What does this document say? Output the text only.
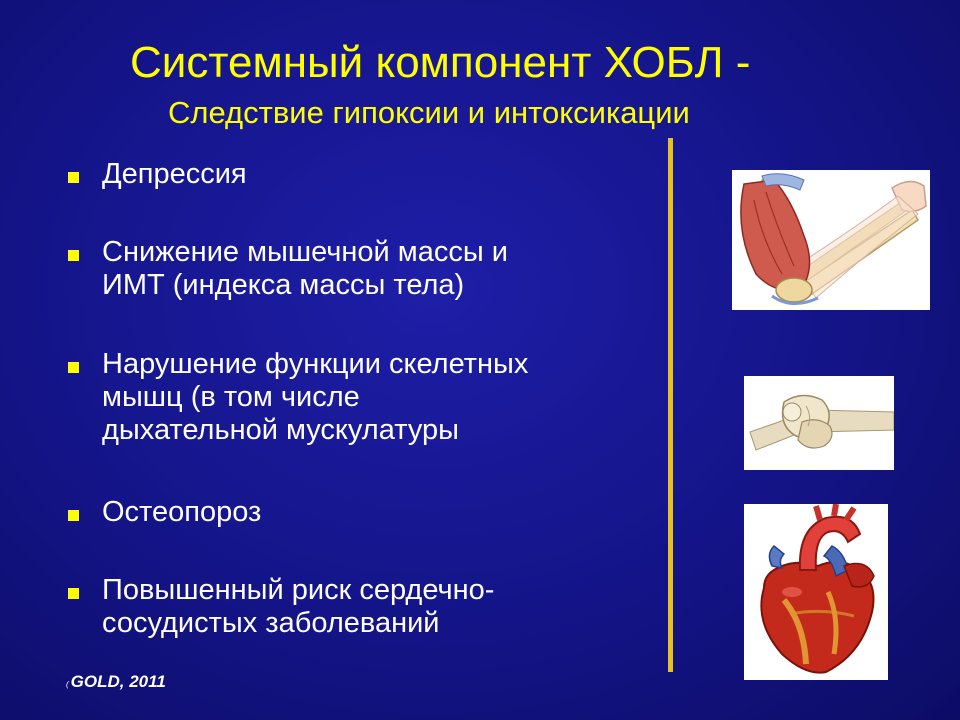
Системный компонент ХОБЛ -
Следствие гипоксии и интоксикации
Депрессия
Снижение мышечной массы и
ИМТ (индекса массы тела)
Нарушение функции скелетных
мышц (в том числе
дыхательной мускулатуры
Остеопороз
Повышенный риск сердечно-
сосудистых заболеваний
( GOLD, 2011
